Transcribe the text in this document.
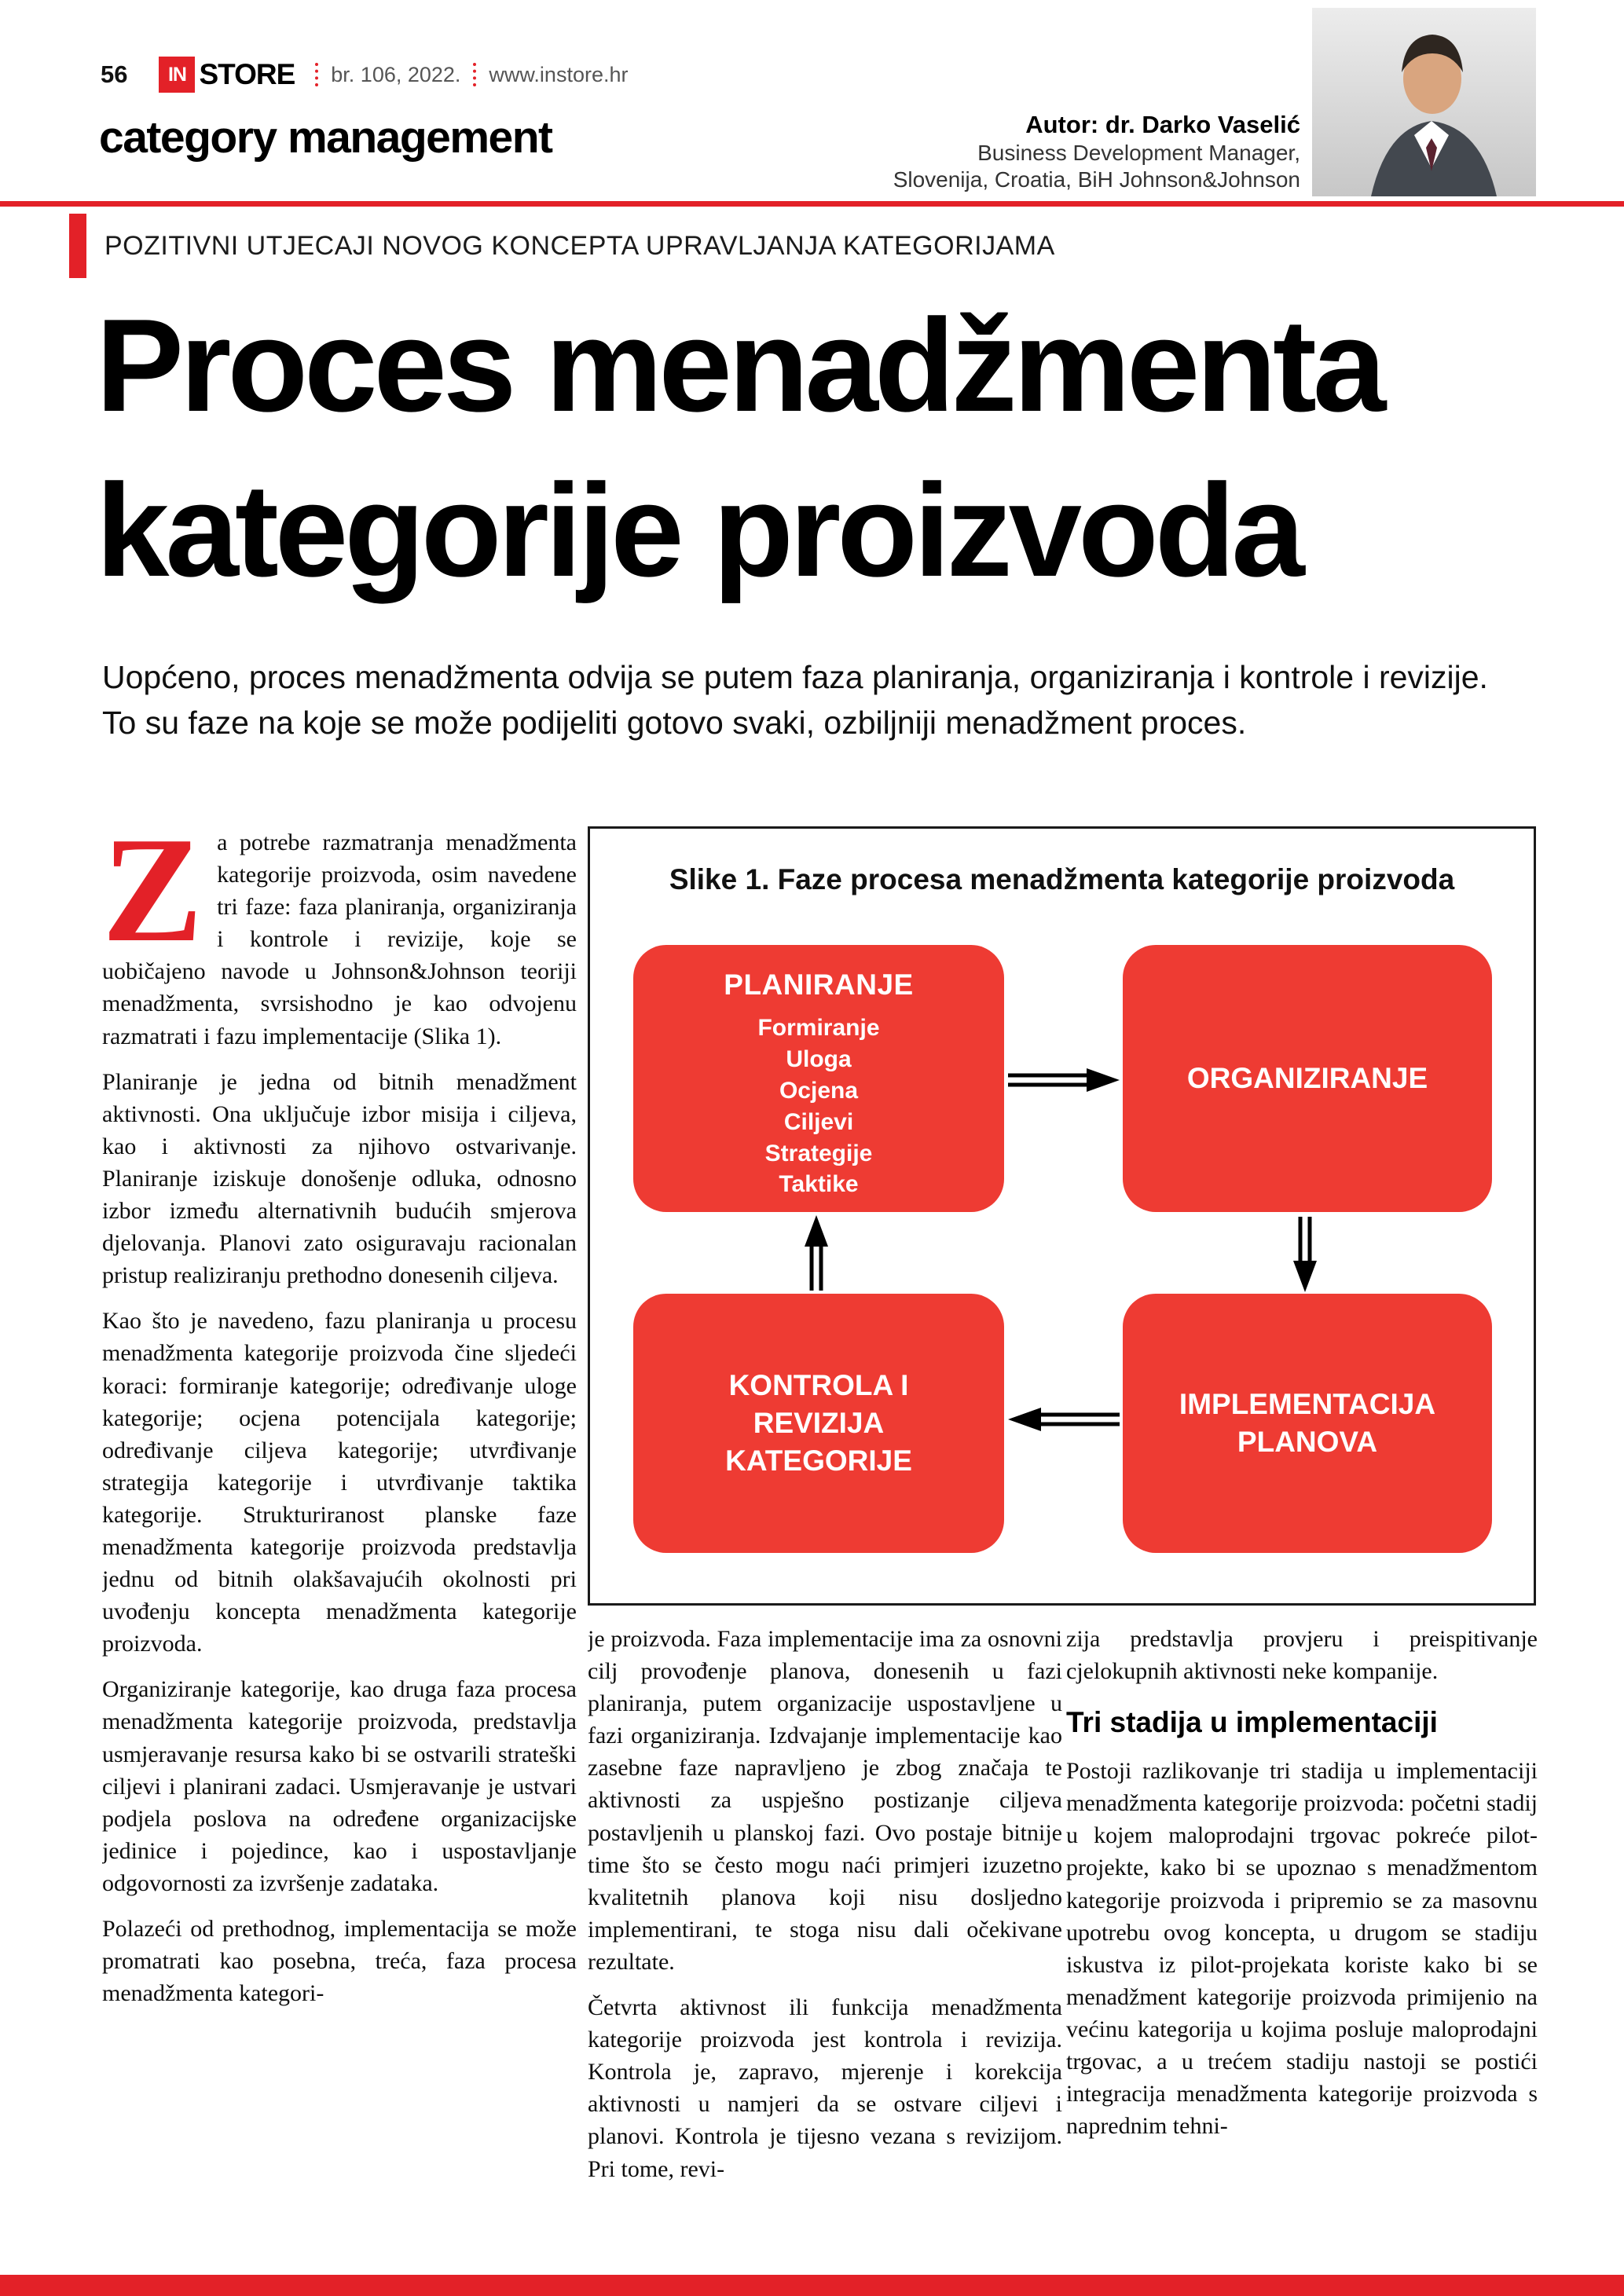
56	IN STORE br. 106, 2022. www.instore.hr
category management	Autor: dr. Darko Vaselić
Business Development Manager,
Slovenija, Croatia, BiH Johnson&Johnson
POZITIVNI UTJECAJI NOVOG KONCEPTA UPRAVLJANJA KATEGORIJAMA
Proces menadžmenta
kategorije proizvoda
Uopćeno, proces menadžmenta odvija se putem faza planiranja, organiziranja i kontrole i revizije. To su faze na koje se može podijeliti gotovo svaki, ozbiljniji menadžment proces.

Za potrebe razmatranja menadžmenta kategorije proizvoda, osim navedene tri faze: faza planiranja, organiziranja i kontrole i revizije, koje se uobičajeno navode u Johnson&Johnson teoriji menadžmenta, svrsishodno je kao odvojenu razmatrati i fazu implementacije (Slika 1).

Planiranje je jedna od bitnih menadžment aktivnosti. Ona uključuje izbor misija i ciljeva, kao i aktivnosti za njihovo ostvarivanje. Planiranje iziskuje donošenje odluka, odnosno izbor između alternativnih budućih smjerova djelovanja. Planovi zato osiguravaju racionalan pristup realiziranju prethodno donesenih ciljeva.

Kao što je navedeno, fazu planiranja u procesu menadžmenta kategorije proizvoda čine sljedeći koraci: formiranje kategorije; određivanje uloge kategorije; ocjena potencijala kategorije; određivanje ciljeva kategorije; utvrđivanje strategija kategorije i utvrđivanje taktika kategorije. Strukturiranost planske faze menadžmenta kategorije proizvoda predstavlja jednu od bitnih olakšavajućih okolnosti pri uvođenju koncepta menadžmenta kategorije proizvoda.

Organiziranje kategorije, kao druga faza procesa menadžmenta kategorije proizvoda, predstavlja usmjeravanje resursa kako bi se ostvarili strateški ciljevi i planirani zadaci. Usmjeravanje je ustvari podjela poslova na određene organizacijske jedinice i pojedince, kao i uspostavljanje odgovornosti za izvršenje zadataka.

Polazeći od prethodnog, implementacija se može promatrati kao posebna, treća, faza procesa menadžmenta kategori-

Slike 1. Faze procesa menadžmenta kategorije proizvoda
PLANIRANJE
Formiranje
Uloga
Ocjena
Ciljevi
Strategije
Taktike
ORGANIZIRANJE
KONTROLA I REVIZIJA KATEGORIJE
IMPLEMENTACIJA PLANOVA

je proizvoda. Faza implementacije ima za osnovni cilj provođenje planova, donesenih u fazi planiranja, putem organizacije uspostavljene u fazi organiziranja. Izdvajanje implementacije kao zasebne faze napravljeno je zbog značaja te aktivnosti za uspješno postizanje ciljeva postavljenih u planskoj fazi. Ovo postaje bitnije time što se često mogu naći primjeri izuzetno kvalitetnih planova koji nisu dosljedno implementirani, te stoga nisu dali očekivane rezultate.

Četvrta aktivnost ili funkcija menadžmenta kategorije proizvoda jest kontrola i revizija. Kontrola je, zapravo, mjerenje i korekcija aktivnosti u namjeri da se ostvare ciljevi i planovi. Kontrola je tijesno vezana s revizijom. Pri tome, revi-

zija predstavlja provjeru i preispitivanje cjelokupnih aktivnosti neke kompanije.

Tri stadija u implementaciji

Postoji razlikovanje tri stadija u implementaciji menadžmenta kategorije proizvoda: početni stadij u kojem maloprodajni trgovac pokreće pilot-projekte, kako bi se upoznao s menadžmentom kategorije proizvoda i pripremio se za masovnu upotrebu ovog koncepta, u drugom se stadiju iskustva iz pilot-projekata koriste kako bi se menadžment kategorije proizvoda primijenio na većinu kategorija u kojima posluje maloprodajni trgovac, a u trećem stadiju nastoji se postići integracija menadžmenta kategorije proizvoda s naprednim tehni-
